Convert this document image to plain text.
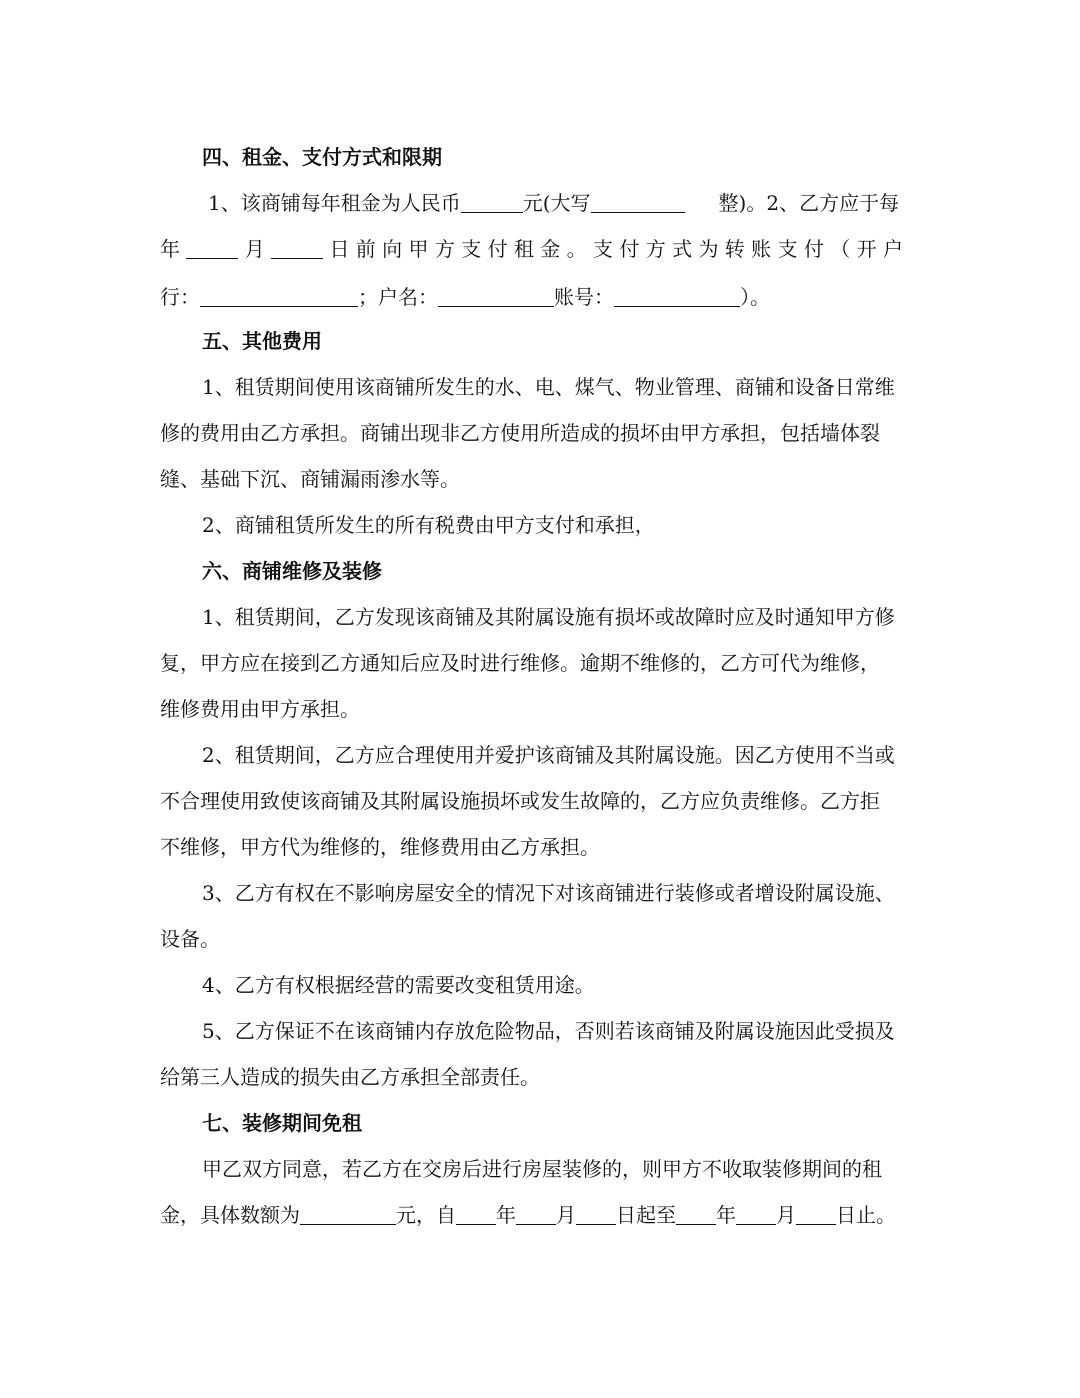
四、租金、支付方式和限期
1、该商铺每年租金为人民币	元(大写	整)。2、乙方应于每
年	月	日 前 向 甲 方 支 付 租 金 。 支 付 方 式 为 转 账 支 付 （ 开 户
行：	；户名：	账号：	）。
五、其他费用
1、租赁期间使用该商铺所发生的水、电、煤气、物业管理、商铺和设备日常维
修的费用由乙方承担。商铺出现非乙方使用所造成的损坏由甲方承担，包括墙体裂
缝、基础下沉、商铺漏雨渗水等。
2、商铺租赁所发生的所有税费由甲方支付和承担，
六、商铺维修及装修
1、租赁期间，乙方发现该商铺及其附属设施有损坏或故障时应及时通知甲方修
复，甲方应在接到乙方通知后应及时进行维修。逾期不维修的，乙方可代为维修，
维修费用由甲方承担。
2、租赁期间，乙方应合理使用并爱护该商铺及其附属设施。因乙方使用不当或
不合理使用致使该商铺及其附属设施损坏或发生故障的，乙方应负责维修。乙方拒
不维修，甲方代为维修的，维修费用由乙方承担。
3、乙方有权在不影响房屋安全的情况下对该商铺进行装修或者增设附属设施、
设备。
4、乙方有权根据经营的需要改变租赁用途。
5、乙方保证不在该商铺内存放危险物品，否则若该商铺及附属设施因此受损及
给第三人造成的损失由乙方承担全部责任。
七、装修期间免租
甲乙双方同意，若乙方在交房后进行房屋装修的，则甲方不收取装修期间的租
金，具体数额为	元，自 年 月 日起至 年 月 日止。
